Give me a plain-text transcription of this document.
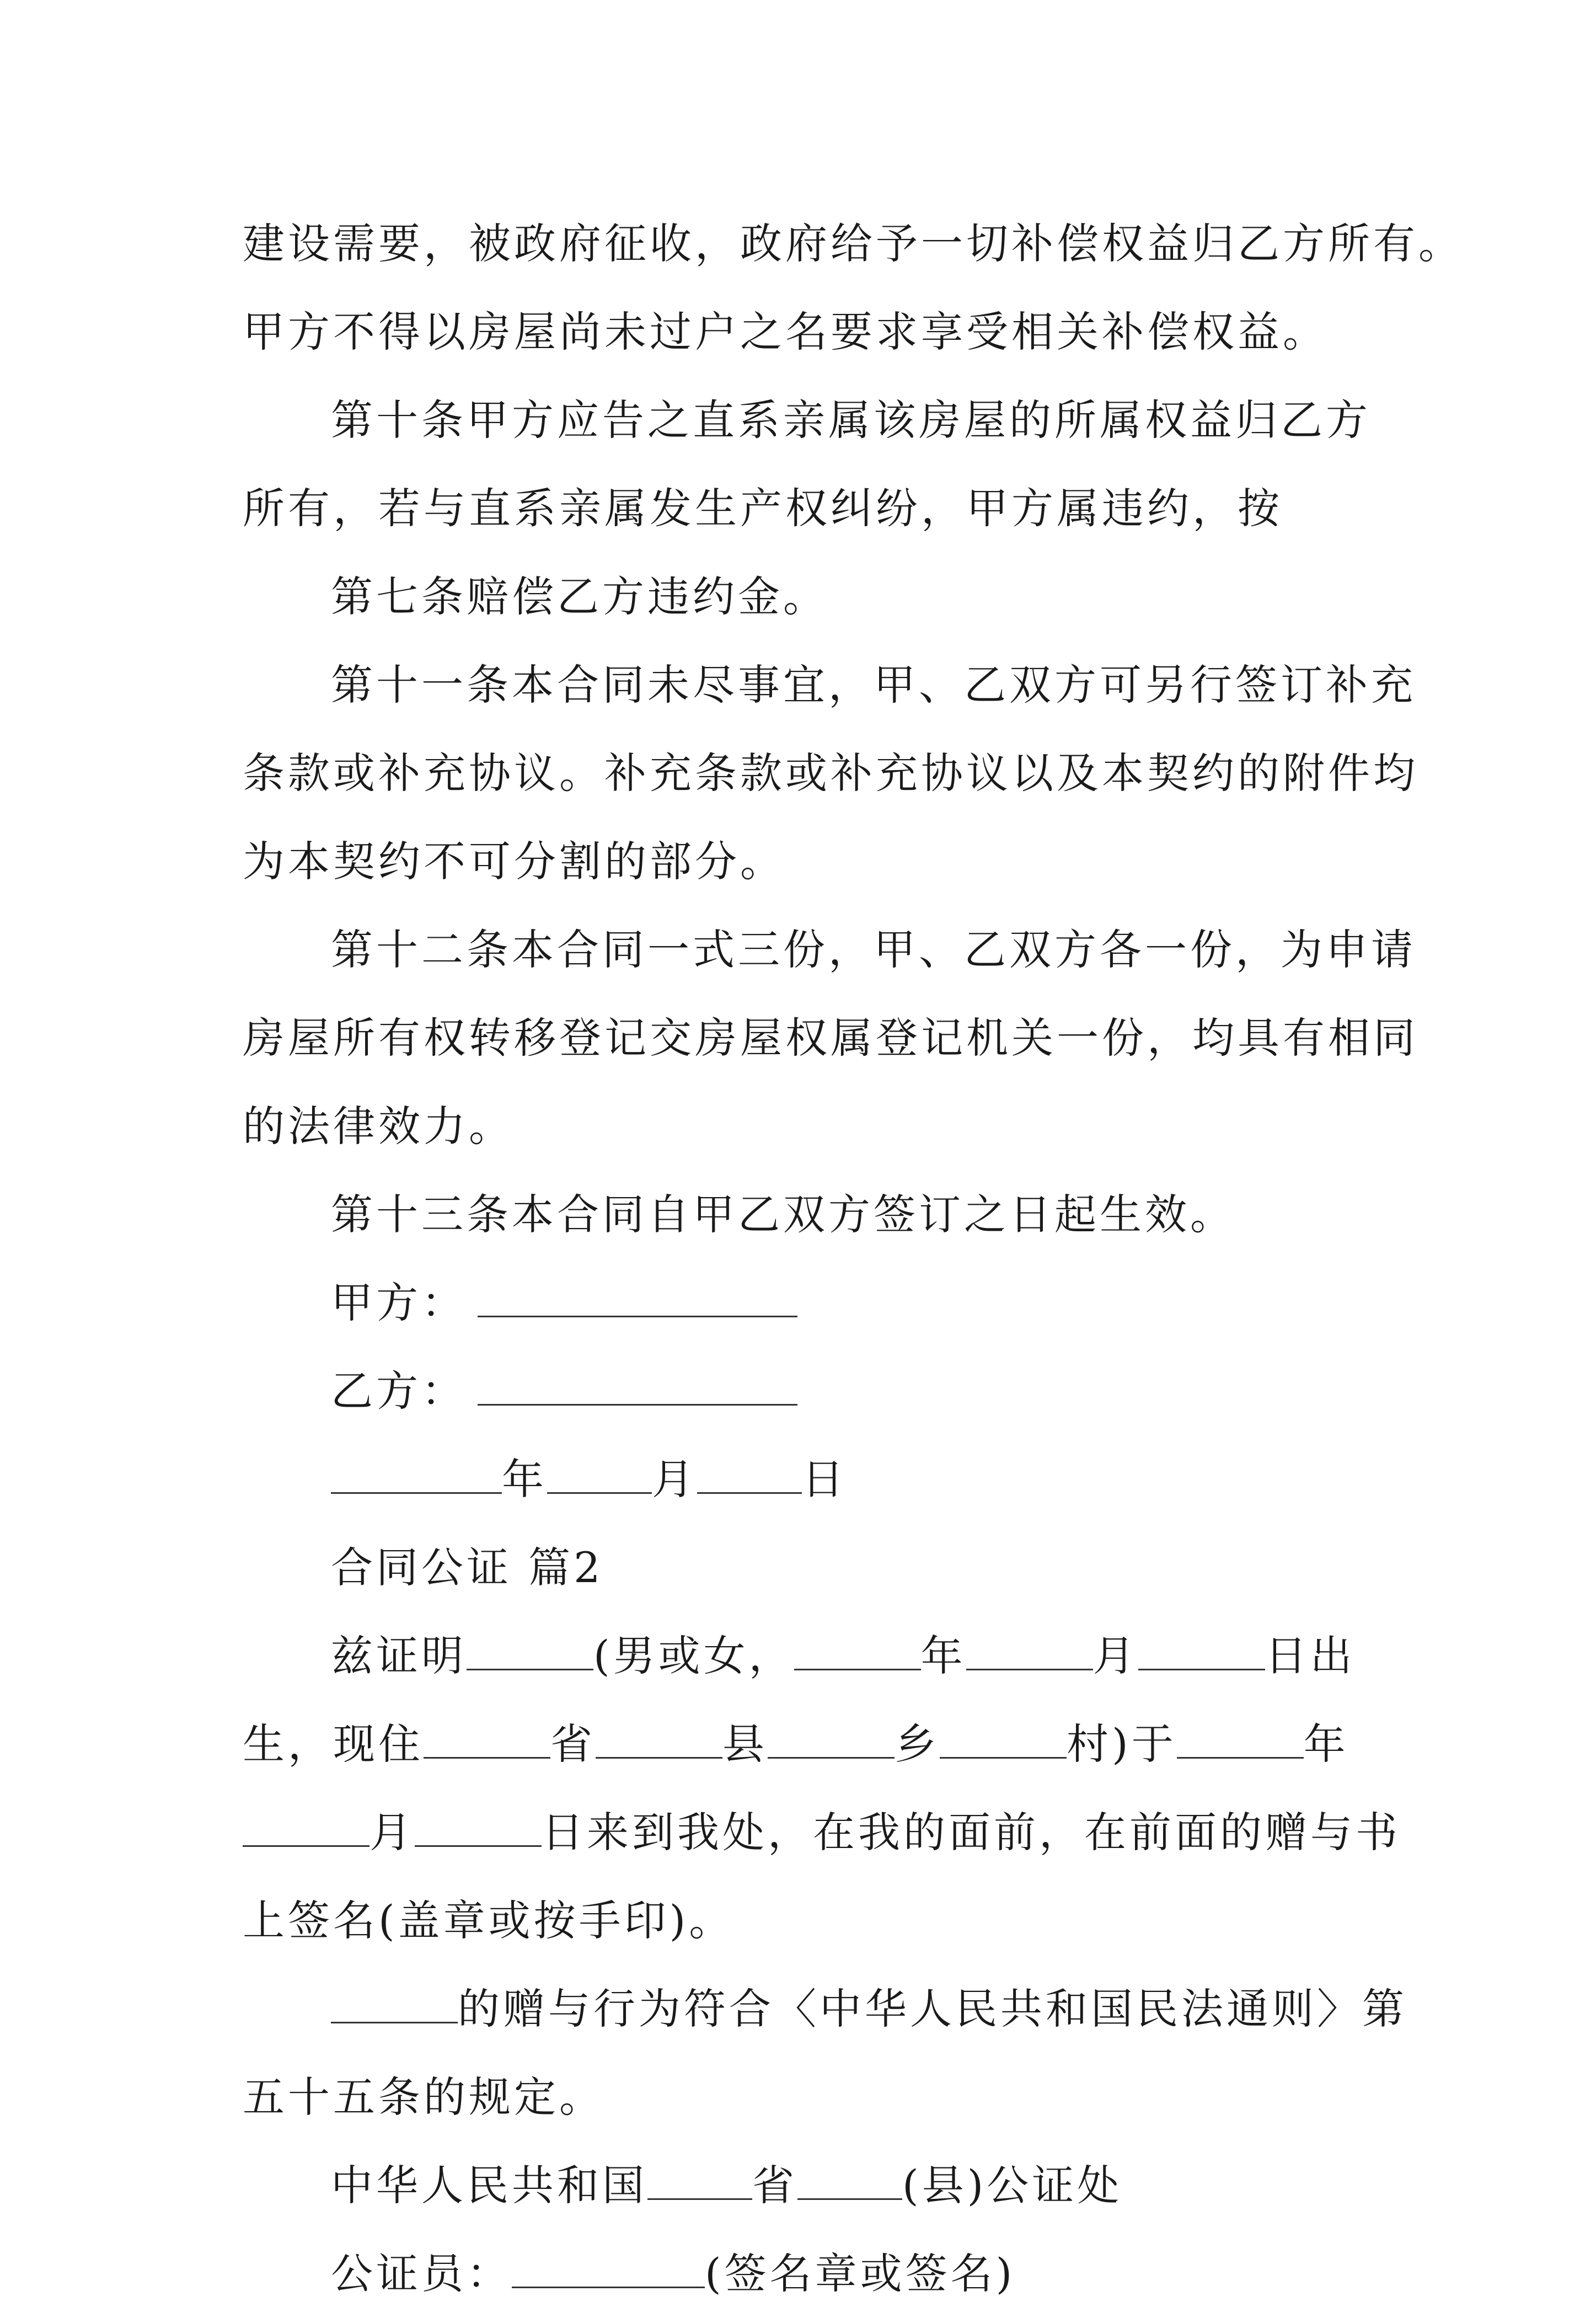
建设需要，被政府征收，政府给予一切补偿权益归乙方所有。
甲方不得以房屋尚未过户之名要求享受相关补偿权益。
第十条甲方应告之直系亲属该房屋的所属权益归乙方
所有，若与直系亲属发生产权纠纷，甲方属违约，按
第七条赔偿乙方违约金。
第十一条本合同未尽事宜，甲、乙双方可另行签订补充
条款或补充协议。补充条款或补充协议以及本契约的附件均
为本契约不可分割的部分。
第十二条本合同一式三份，甲、乙双方各一份，为申请
房屋所有权转移登记交房屋权属登记机关一份，均具有相同
的法律效力。
第十三条本合同自甲乙双方签订之日起生效。
甲方：
乙方：
年	月	日
合同公证 篇2
兹证明	(男或女，	年	月	日出
生，现住	省	县	乡	村)于	年
月	日来到我处，在我的面前，在前面的赠与书
上签名(盖章或按手印)。
的赠与行为符合〈中华人民共和国民法通则〉第
五十五条的规定。
中华人民共和国	省	(县)公证处
公证员：	(签名章或签名)
